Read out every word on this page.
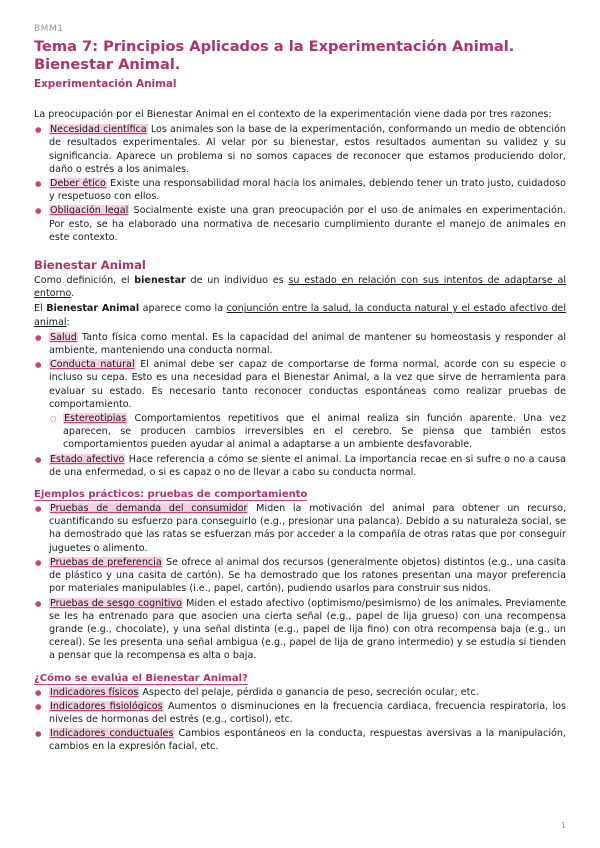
BMM1
Tema 7: Principios Aplicados a la Experimentación Animal. Bienestar Animal.
Experimentación Animal

La preocupación por el Bienestar Animal en el contexto de la experimentación viene dada por tres razones:

● Necesidad científica Los animales son la base de la experimentación, conformando un medio de obtención de resultados experimentales. Al velar por su bienestar, estos resultados aumentan su validez y su significancia. Aparece un problema si no somos capaces de reconocer que estamos produciendo dolor, daño o estrés a los animales.
● Deber ético Existe una responsabilidad moral hacia los animales, debiendo tener un trato justo, cuidadoso y respetuoso con ellos.
● Obligación legal Socialmente existe una gran preocupación por el uso de animales en experimentación. Por esto, se ha elaborado una normativa de necesario cumplimiento durante el manejo de animales en este contexto.
Bienestar Animal

Como definición, el bienestar de un individuo es su estado en relación con sus intentos de adaptarse al entorno.

El Bienestar Animal aparece como la conjunción entre la salud, la conducta natural y el estado afectivo del animal:

● Salud Tanto física como mental. Es la capacidad del animal de mantener su homeostasis y responder al ambiente, manteniendo una conducta normal.
● Conducta natural El animal debe ser capaz de comportarse de forma normal, acorde con su especie o incluso su cepa. Esto es una necesidad para el Bienestar Animal, a la vez que sirve de herramienta para evaluar su estado. Es necesario tanto reconocer conductas espontáneas como realizar pruebas de comportamiento.
○ Estereotipias Comportamientos repetitivos que el animal realiza sin función aparente. Una vez aparecen, se producen cambios irreversibles en el cerebro. Se piensa que también estos comportamientos pueden ayudar al animal a adaptarse a un ambiente desfavorable.
● Estado afectivo Hace referencia a cómo se siente el animal. La importancia recae en si sufre o no a causa de una enfermedad, o si es capaz o no de llevar a cabo su conducta normal.
Ejemplos prácticos: pruebas de comportamiento
● Pruebas de demanda del consumidor Miden la motivación del animal para obtener un recurso, cuantificando su esfuerzo para conseguirlo (e.g., presionar una palanca). Debido a su naturaleza social, se ha demostrado que las ratas se esfuerzan más por acceder a la compañía de otras ratas que por conseguir juguetes o alimento.
● Pruebas de preferencia Se ofrece al animal dos recursos (generalmente objetos) distintos (e.g., una casita de plástico y una casita de cartón). Se ha demostrado que los ratones presentan una mayor preferencia por materiales manipulables (i.e., papel, cartón), pudiendo usarlos para construir sus nidos.
● Pruebas de sesgo cognitivo Miden el estado afectivo (optimismo/pesimismo) de los animales. Previamente se les ha entrenado para que asocien una cierta señal (e.g., papel de lija grueso) con una recompensa grande (e.g., chocolate), y una señal distinta (e.g., papel de lija fino) con otra recompensa baja (e.g., un cereal). Se les presenta una señal ambigua (e.g., papel de lija de grano intermedio) y se estudia si tienden a pensar que la recompensa es alta o baja.
¿Cómo se evalúa el Bienestar Animal?
● Indicadores físicos Aspecto del pelaje, pérdida o ganancia de peso, secreción ocular, etc.
● Indicadores fisiológicos Aumentos o disminuciones en la frecuencia cardiaca, frecuencia respiratoria, los niveles de hormonas del estrés (e.g., cortisol), etc.
● Indicadores conductuales Cambios espontáneos en la conducta, respuestas aversivas a la manipulación, cambios en la expresión facial, etc.
1
